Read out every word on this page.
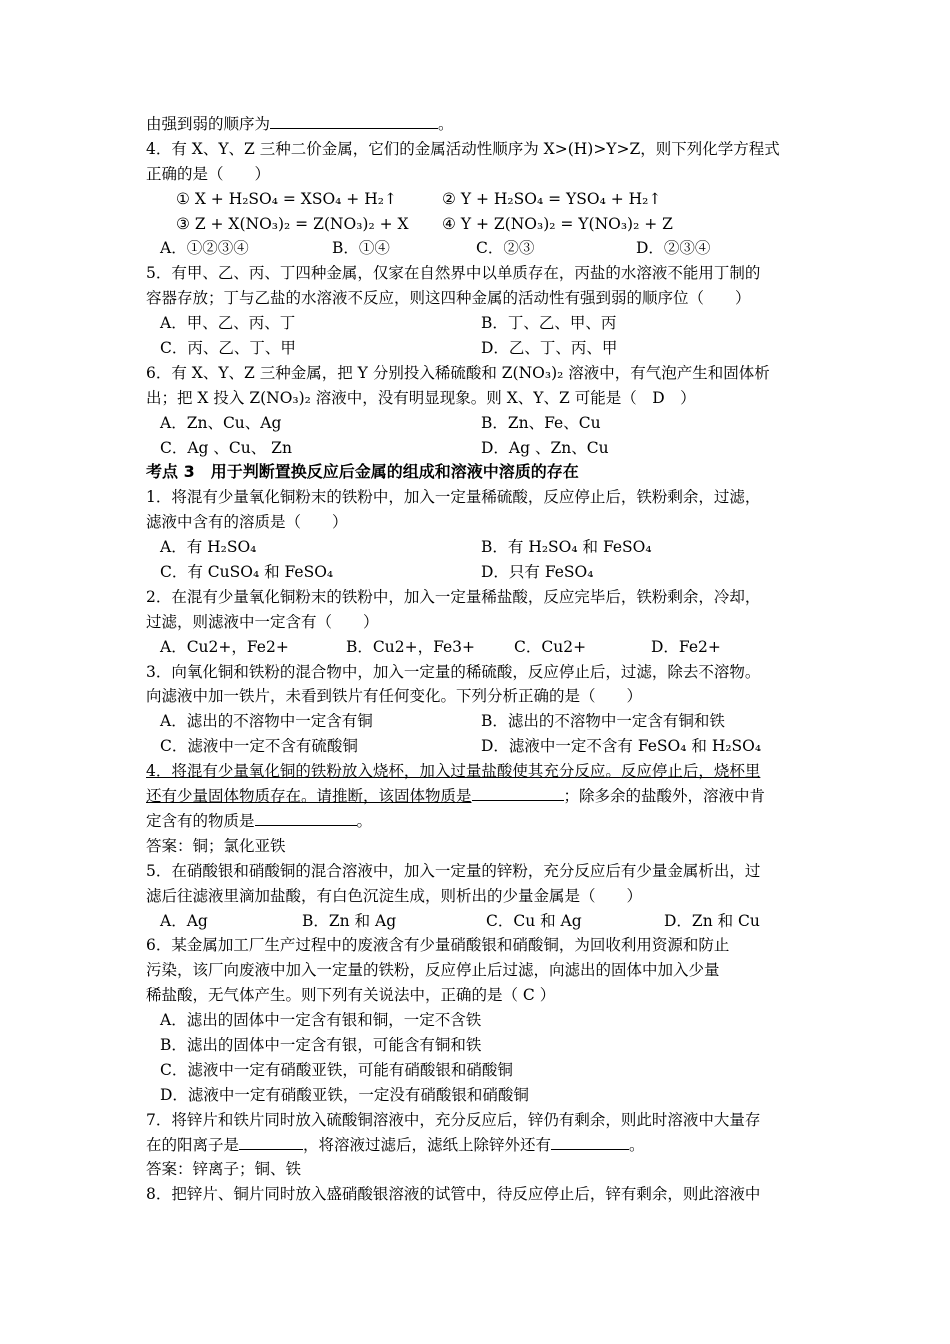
由强到弱的顺序为	。
4．有 X、Y、Z 三种二价金属，它们的金属活动性顺序为 X>(H)>Y>Z，则下列化学方程式
正确的是（　　）
① X + H₂SO₄ = XSO₄ + H₂↑	② Y + H₂SO₄ = YSO₄ + H₂↑
③ Z + X(NO₃)₂ = Z(NO₃)₂ + X ④ Y + Z(NO₃)₂ = Y(NO₃)₂ + Z
A．①②③④	B．①④	C．②③	D．②③④
5．有甲、乙、丙、丁四种金属，仅家在自然界中以单质存在，丙盐的水溶液不能用丁制的
容器存放；丁与乙盐的水溶液不反应，则这四种金属的活动性有强到弱的顺序位（　　）
A．甲、乙、丙、丁	B．丁、乙、甲、丙
C．丙、乙、丁、甲	D．乙、丁、丙、甲
6．有 X、Y、Z 三种金属，把 Y 分别投入稀硫酸和 Z(NO₃)₂ 溶液中，有气泡产生和固体析
出；把 X 投入 Z(NO₃)₂ 溶液中，没有明显现象。则 X、Y、Z 可能是（　D　）
A．Zn、Cu、Ag	B．Zn、Fe、Cu
C．Ag 、Cu、 Zn	D．Ag 、Zn、Cu
考点 3　用于判断置换反应后金属的组成和溶液中溶质的存在
1．将混有少量氧化铜粉末的铁粉中，加入一定量稀硫酸，反应停止后，铁粉剩余，过滤，
滤液中含有的溶质是（　　）
A．有 H₂SO₄	B．有 H₂SO₄ 和 FeSO₄
C．有 CuSO₄ 和 FeSO₄	D．只有 FeSO₄
2．在混有少量氧化铜粉末的铁粉中，加入一定量稀盐酸，反应完毕后，铁粉剩余，冷却，
过滤，则滤液中一定含有（　　）
A．Cu2+，Fe2+	B．Cu2+，Fe3+	C．Cu2+	D．Fe2+
3．向氧化铜和铁粉的混合物中，加入一定量的稀硫酸，反应停止后，过滤，除去不溶物。
向滤液中加一铁片，未看到铁片有任何变化。下列分析正确的是（　　）
A．滤出的不溶物中一定含有铜	B．滤出的不溶物中一定含有铜和铁
C．滤液中一定不含有硫酸铜	D．滤液中一定不含有 FeSO₄ 和 H₂SO₄
4．将混有少量氧化铜的铁粉放入烧杯，加入过量盐酸使其充分反应。反应停止后，烧杯里
还有少量固体物质存在。请推断，该固体物质是	；除多余的盐酸外，溶液中肯
定含有的物质是	。
答案：铜；氯化亚铁
5．在硝酸银和硝酸铜的混合溶液中，加入一定量的锌粉，充分反应后有少量金属析出，过
滤后往滤液里滴加盐酸，有白色沉淀生成，则析出的少量金属是（　　）
A．Ag	B．Zn 和 Ag	C．Cu 和 Ag	D．Zn 和 Cu
6．某金属加工厂生产过程中的废液含有少量硝酸银和硝酸铜，为回收利用资源和防止
污染，该厂向废液中加入一定量的铁粉，反应停止后过滤，向滤出的固体中加入少量
稀盐酸，无气体产生。则下列有关说法中，正确的是（ C ）
A．滤出的固体中一定含有银和铜，一定不含铁
B．滤出的固体中一定含有银，可能含有铜和铁
C．滤液中一定有硝酸亚铁，可能有硝酸银和硝酸铜
D．滤液中一定有硝酸亚铁，一定没有硝酸银和硝酸铜
7．将锌片和铁片同时放入硫酸铜溶液中，充分反应后，锌仍有剩余，则此时溶液中大量存
在的阳离子是	，将溶液过滤后，滤纸上除锌外还有	。
答案：锌离子；铜、铁
8．把锌片、铜片同时放入盛硝酸银溶液的试管中，待反应停止后，锌有剩余，则此溶液中
